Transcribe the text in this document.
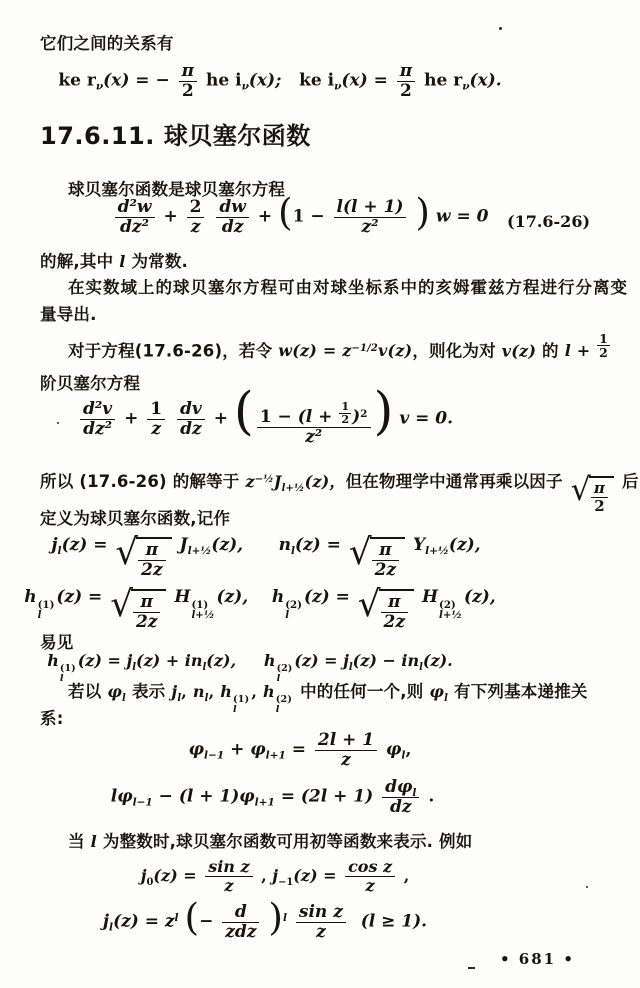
它们之间的关系有

ke $r_\nu(x)$ = − $\frac{\pi}{2}$ he $i_\nu(x)$; ke $i_\nu(x) = \frac{\pi}{2}$ he $r_\nu(x)$.
17.6.11. 球贝塞尔函数

球贝塞尔函数是球贝塞尔方程

$\frac{\text{d²w}}{\text{dz²}} + \frac{2}{z}$
$\frac{dw}{dz} + (1 - \frac{l(l + 1)}{\text{z²}}$ ) w = 0	(17.6-26)

的解,其中 l 为常数.

在实数域上的球贝塞尔方程可由对球坐标系中的亥姆霍兹方程进行分离变

量导出.

对于方程(17.6-26)，若令 $w(z) = z^{-1/2}v(z)$，则化为对 v(z) 的 $l + \frac{1}{2}$

阶贝塞尔方程

$\frac{\text{d²v}}{\text{dz²}} + \frac{1}{z}$
$\frac{dv}{dz}$ + ( $\frac{1 - (l + \frac{1}{2} )^2}{\text{z²}}$ ) v = 0.

所以 (17.6-26) 的解等于 $z^{-\frac{1}{2}}J_{l+\frac{1}{2}}(z)$，但在物理学中通常再乘以因子 √ $\frac{\pi}{2}$ 后

定义为球贝塞尔函数,记作

$j_l(z)$ = √ $\frac{\pi}{2z} J_{l+\frac{1}{2}}(z)$, $n_l(z)$ = √ $\frac{\pi}{2z} Y_{l+\frac{1}{2}}(z)$,
h (1)
l
(z) = √ $\frac{\pi}{2z}$ H (1)
l+½
(z), h (2)
l
(z) = √ $\frac{\pi}{2z}$ H (2)
l+½
(z),

易见

h (1)
l
$(z) = j_l(z) + in_l(z)$, h (2)
l
$(z) = j_l(z) - in_l(z)$.

若以 $\varphi_l$ 表示 $j_l$, $n_l$, h (1)
l
, h (2)
l
中的任何一个,则 $\varphi_l$ 有下列基本递推关

系:

$\varphi_{l-1} + \varphi_{l+1} = \frac{2l + 1}{z} \varphi_l$,
$l\varphi_{l-1} - (l + 1)\varphi_{l+1} = (2l + 1) \frac{d\varphi_l}{dz}$ .

当 l 为整数时,球贝塞尔函数可用初等函数来表示. 例如

$j_0(z) = \frac{\text{sin z}}{z}$ , $j_{-1}(z) = \frac{\text{cos z}}{z}$ ,
$j_l(z) = z^l$ (− $\frac{d}{\text{zdz}} )^l \frac{\text{sin z}}{z} (l \ge 1)$.
• 681 •
